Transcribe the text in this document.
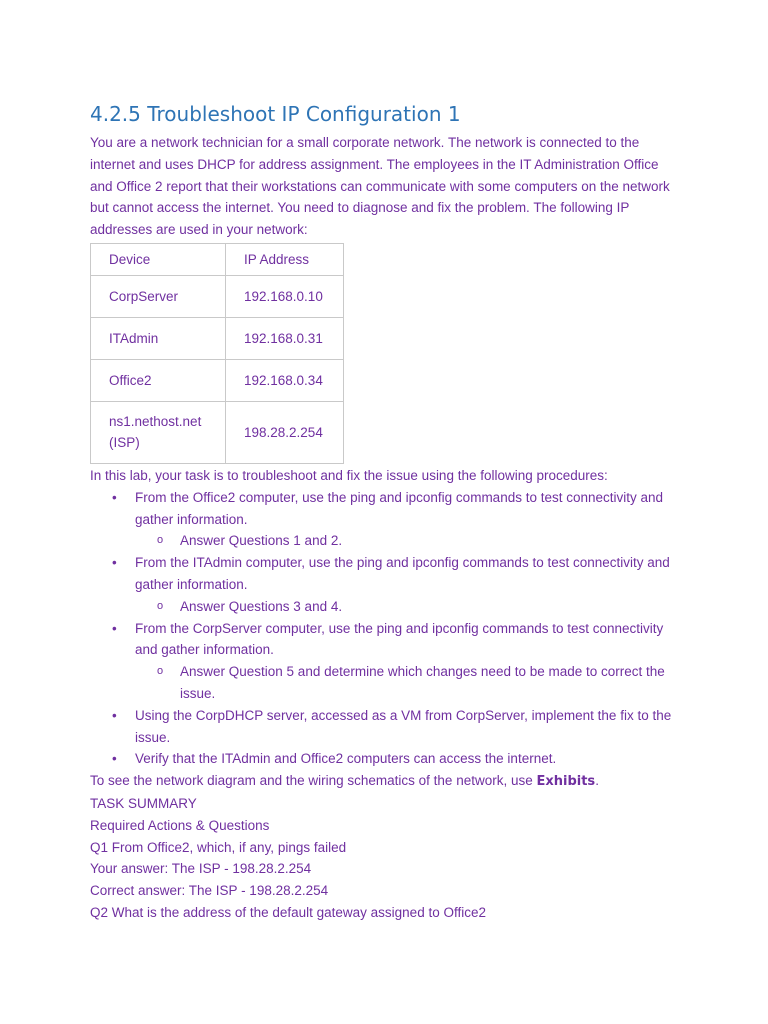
4.2.5 Troubleshoot IP Configuration 1

You are a network technician for a small corporate network. The network is connected to the internet and uses DHCP for address assignment. The employees in the IT Administration Office and Office 2 report that their workstations can communicate with some computers on the network but cannot access the internet. You need to diagnose and fix the problem. The following IP addresses are used in your network:

Device	IP Address
CorpServer	192.168.0.10
ITAdmin	192.168.0.31
Office2	192.168.0.34
ns1.nethost.net (ISP)	198.28.2.254

In this lab, your task is to troubleshoot and fix the issue using the following procedures:

• From the Office2 computer, use the ping and ipconfig commands to test connectivity and gather information.
o Answer Questions 1 and 2.
• From the ITAdmin computer, use the ping and ipconfig commands to test connectivity and gather information.
o Answer Questions 3 and 4.
• From the CorpServer computer, use the ping and ipconfig commands to test connectivity and gather information.
o Answer Question 5 and determine which changes need to be made to correct the issue.
• Using the CorpDHCP server, accessed as a VM from CorpServer, implement the fix to the issue.
• Verify that the ITAdmin and Office2 computers can access the internet.

To see the network diagram and the wiring schematics of the network, use Exhibits.

TASK SUMMARY

Required Actions & Questions

Q1 From Office2, which, if any, pings failed

Your answer: The ISP - 198.28.2.254

Correct answer: The ISP - 198.28.2.254

Q2 What is the address of the default gateway assigned to Office2
